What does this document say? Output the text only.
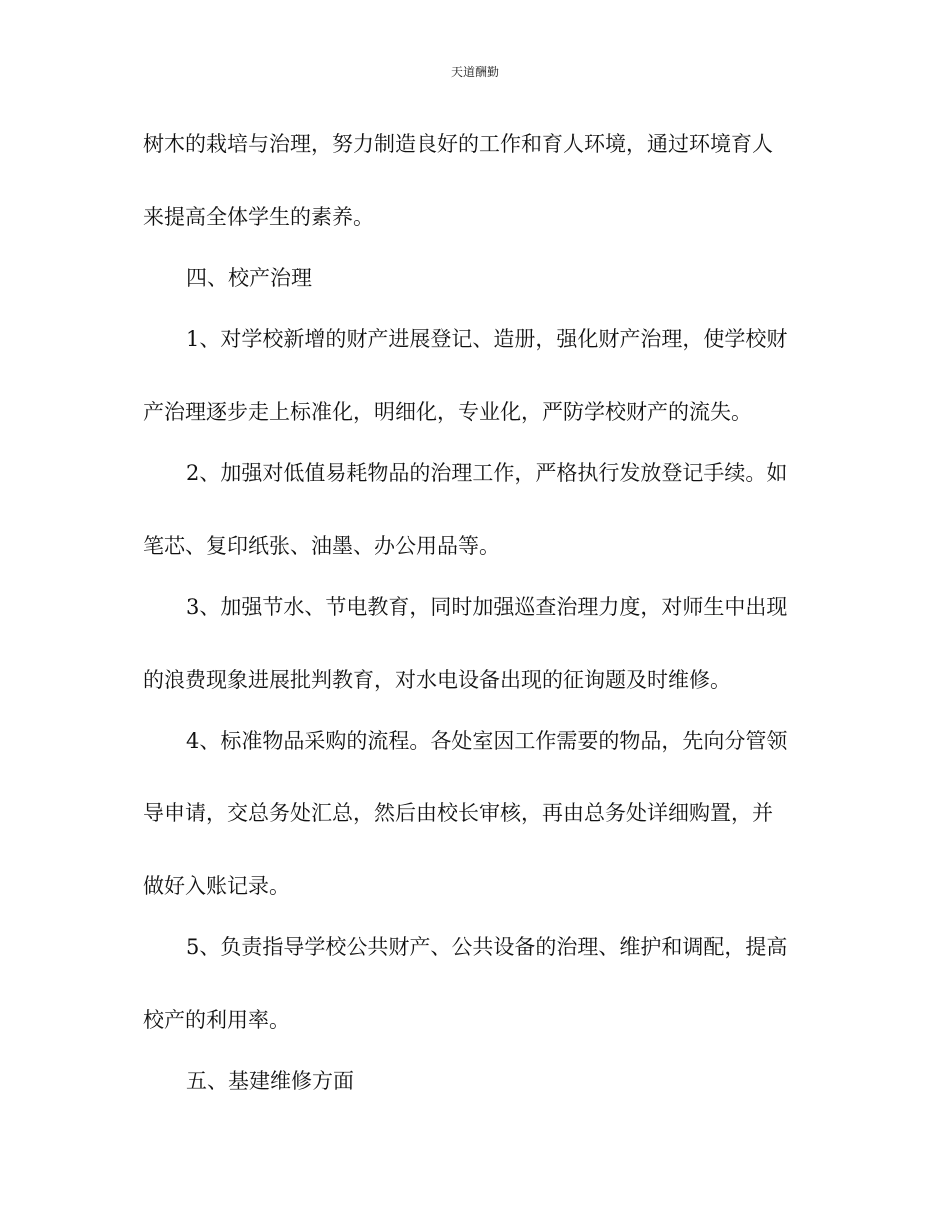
天道酬勤
树木的栽培与治理，努力制造良好的工作和育人环境，通过环境育人
来提高全体学生的素养。
四、校产治理
1、对学校新增的财产进展登记、造册，强化财产治理，使学校财
产治理逐步走上标准化，明细化，专业化，严防学校财产的流失。
2、加强对低值易耗物品的治理工作，严格执行发放登记手续。如
笔芯、复印纸张、油墨、办公用品等。
3、加强节水、节电教育，同时加强巡查治理力度，对师生中出现
的浪费现象进展批判教育，对水电设备出现的征询题及时维修。
4、标准物品采购的流程。各处室因工作需要的物品，先向分管领
导申请，交总务处汇总，然后由校长审核，再由总务处详细购置，并
做好入账记录。
5、负责指导学校公共财产、公共设备的治理、维护和调配，提高
校产的利用率。
五、基建维修方面
